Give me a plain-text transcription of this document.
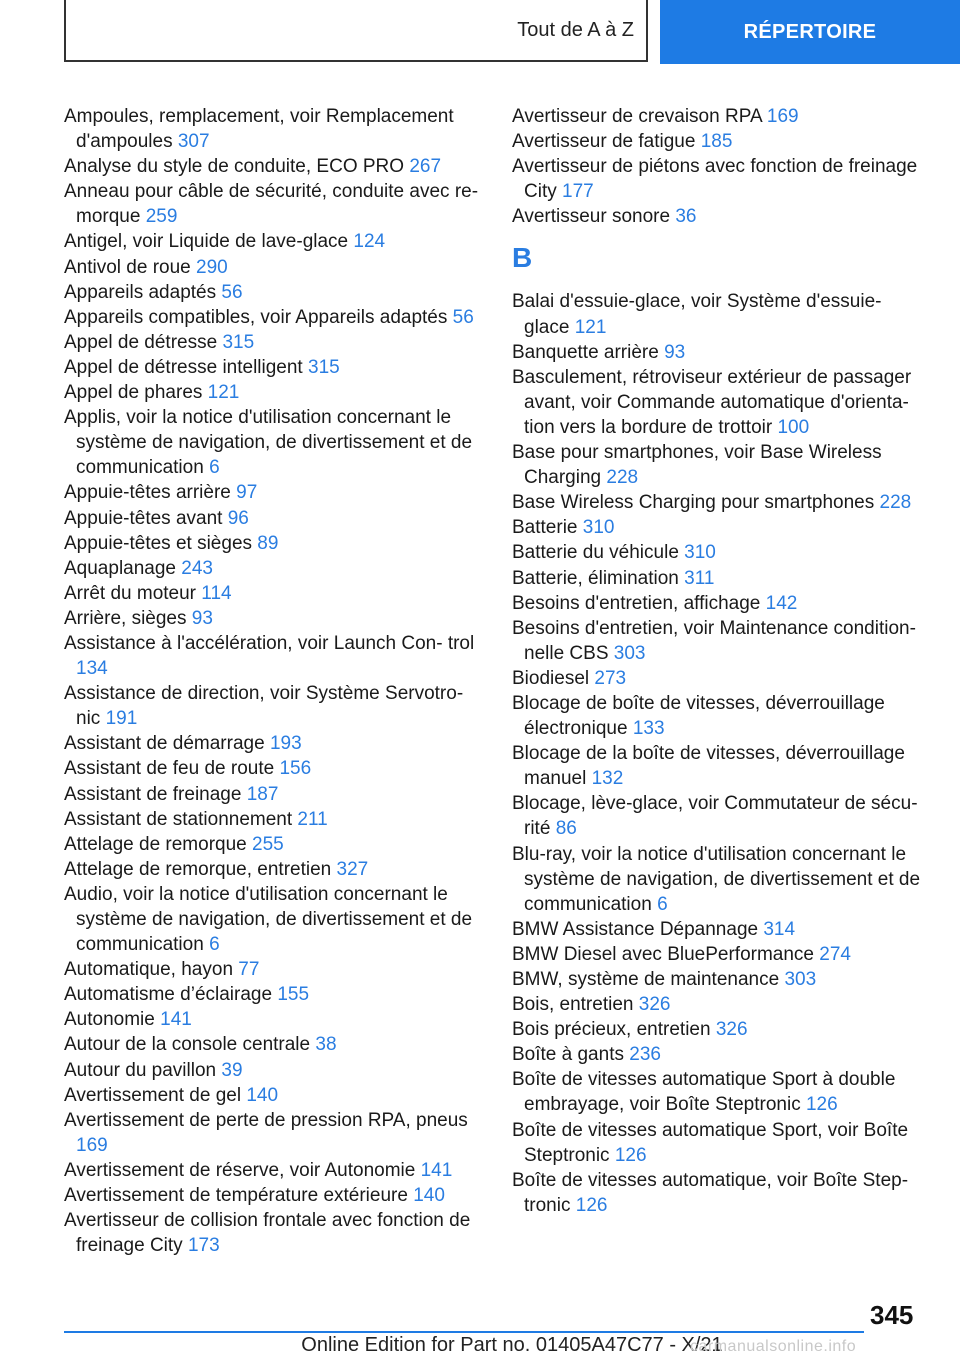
Tout de A à Z	RÉPERTOIRE
Ampoules, remplacement, voir Remplacement d'ampoules 307
Analyse du style de conduite, ECO PRO 267
Anneau pour câble de sécurité, conduite avec re- morque 259
Antigel, voir Liquide de lave-glace 124
Antivol de roue 290
Appareils adaptés 56
Appareils compatibles, voir Appareils adaptés 56
Appel de détresse 315
Appel de détresse intelligent 315
Appel de phares 121
Applis, voir la notice d'utilisation concernant le système de navigation, de divertissement et de communication 6
Appuie-têtes arrière 97
Appuie-têtes avant 96
Appuie-têtes et sièges 89
Aquaplanage 243
Arrêt du moteur 114
Arrière, sièges 93
Assistance à l'accélération, voir Launch Con- trol 134
Assistance de direction, voir Système Servotro- nic 191
Assistant de démarrage 193
Assistant de feu de route 156
Assistant de freinage 187
Assistant de stationnement 211
Attelage de remorque 255
Attelage de remorque, entretien 327
Audio, voir la notice d'utilisation concernant le système de navigation, de divertissement et de communication 6
Automatique, hayon 77
Automatisme d’éclairage 155
Autonomie 141
Autour de la console centrale 38
Autour du pavillon 39
Avertissement de gel 140
Avertissement de perte de pression RPA, pneus 169
Avertissement de réserve, voir Autonomie 141
Avertissement de température extérieure 140
Avertisseur de collision frontale avec fonction de freinage City 173
Avertisseur de crevaison RPA 169
Avertisseur de fatigue 185
Avertisseur de piétons avec fonction de freinage City 177
Avertisseur sonore 36
B
Balai d'essuie-glace, voir Système d'essuie- glace 121
Banquette arrière 93
Basculement, rétroviseur extérieur de passager avant, voir Commande automatique d'orienta- tion vers la bordure de trottoir 100
Base pour smartphones, voir Base Wireless Charging 228
Base Wireless Charging pour smartphones 228
Batterie 310
Batterie du véhicule 310
Batterie, élimination 311
Besoins d'entretien, affichage 142
Besoins d'entretien, voir Maintenance condition- nelle CBS 303
Biodiesel 273
Blocage de boîte de vitesses, déverrouillage électronique 133
Blocage de la boîte de vitesses, déverrouillage manuel 132
Blocage, lève-glace, voir Commutateur de sécu- rité 86
Blu-ray, voir la notice d'utilisation concernant le système de navigation, de divertissement et de communication 6
BMW Assistance Dépannage 314
BMW Diesel avec BluePerformance 274
BMW, système de maintenance 303
Bois, entretien 326
Bois précieux, entretien 326
Boîte à gants 236
Boîte de vitesses automatique Sport à double embrayage, voir Boîte Steptronic 126
Boîte de vitesses automatique Sport, voir Boîte Steptronic 126
Boîte de vitesses automatique, voir Boîte Step- tronic 126
345
Online Edition for Part no. 01405A47C77 - X/21
carmanualsonline.info
